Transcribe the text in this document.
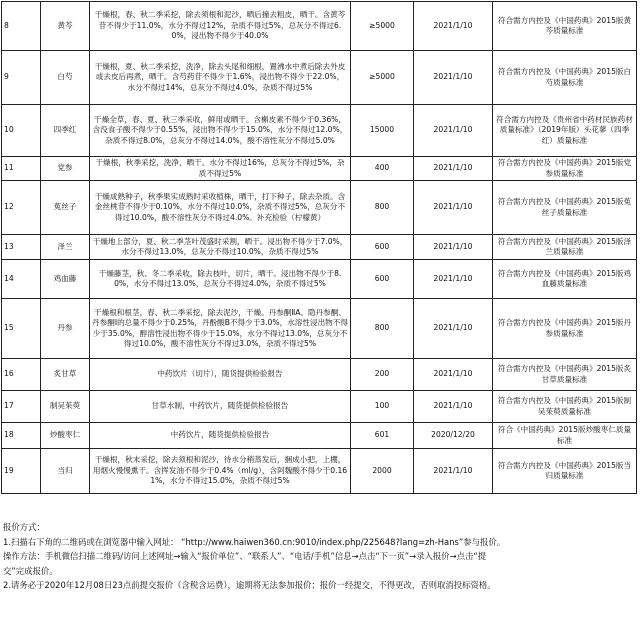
8	黄芩	干燥根，春、秋二季采挖，除去须根和泥沙，晒后撞去粗皮，晒干。含黄芩苷不得少于11.0%，水分不得过12%，杂质不得过5%，总灰分不得过6.0%，浸出物不得少于40.0%	≥5000	2021/1/10	符合需方内控及《中国药典》2015版黄芩质量标准
9	白芍	干燥根，夏、秋二季采挖，洗净，除去头尾和细根，置沸水中煮后除去外皮或去皮后再煮，晒干。含芍药苷不得少于1.6%，浸出物不得少于22.0%，水分不得过14%，总灰分不得过4.0%，杂质不得过5%	≥5000	2021/1/10	符合需方内控及《中国药典》2015版白芍质量标准
10	四季红	干燥全草，春、夏、秋三季采收，鲜用或晒干。含槲皮素不得少于0.36%，含没食子酸不得少于0.55%，浸出物不得少于15.0%，水分不得过12.0%，杂质不得过8.0%，总灰分不得过14.0%，酸不溶性灰分不得过5.0%	15000	2021/1/10	符合需方内控及《贵州省中药材民族药材质量标准》（2019年版）头花蓼（四季红）质量标准
11	党参	干燥根，秋季采挖，洗净，晒干。水分不得过16%，总灰分不得过5%，杂质不得过5%	400	2021/1/10	符合需方内控及《中国药典》2015版党参质量标准
12	菟丝子	干燥成熟种子，秋季果实成熟时采收植株，晒干，打下种子，除去杂质。含金丝桃苷不得少于0.10%，水分不得过10.0%，杂质不得过5%，总灰分不得过10.0%，酸不溶性灰分不得过4.0%。补充检验（柠檬黄）	800	2021/1/10	符合需方内控及《中国药典》2015版菟丝子质量标准
13	泽兰	干燥地上部分，夏、秋二季茎叶茂盛时采割，晒干。浸出物不得少于7.0%，水分不得过13.0%，总灰分不得过10.0%，杂质不得过5%	600	2021/1/10	符合需方内控及《中国药典》2015版泽兰质量标准
14	鸡血藤	干燥藤茎，秋、冬二季采收，除去枝叶，切片，晒干。浸出物不得少于8.0%，水分不得过13.0%，总灰分不得过4.0%，杂质不得过5%	600	2021/1/10	符合需方内控及《中国药典》2015版鸡血藤质量标准
15	丹参	干燥根和根茎，春、秋二季采挖，除去泥沙，干燥。丹参酮ⅡA、隐丹参酮、丹参酮Ⅰ的总量不得少于0.25%，丹酚酸B不得少于3.0%，水溶性浸出物不得少于35.0%，醇溶性浸出物不得少于15.0%，水分不得过13.0%，总灰分不得过10.0%，酸不溶性灰分不得过3.0%，杂质不得过5%	800	2021/1/10	符合需方内控及《中国药典》2015版丹参质量标准
16	炙甘草	中药饮片（切片），随货提供检验报告	200	2021/1/10	符合需方内控及《中国药典》2015版炙甘草质量标准
17	制吴茱萸	甘草水制，中药饮片，随货提供检验报告	100	2021/1/10	符合需方内控及《中国药典》2015版制吴茱萸质量标准
18	炒酸枣仁	中药饮片，随货提供检验报告	601	2020/12/20	符合《中国药典》2015版炒酸枣仁质量标准
19	当归	干燥根，秋末采挖，除去须根和泥沙，待水分稍蒸发后，捆成小把，上棚，用烟火慢慢熏干。含挥发油不得少于0.4%（ml/g），含阿魏酸不得少于0.161%，水分不得过15.0%，杂质不得过5%	2000	2021/1/10	符合需方内控及《中国药典》2015版当归质量标准
报价方式：
1.扫描右下角的二维码或在浏览器中输入网址： “http://www.haiwen360.cn:9010/index.php/225648?lang=zh-Hans”参与报价。
操作方法：手机微信扫描二维码/访问上述网址→输入“报价单位”、“联系人”、“电话/手机”信息→点击“下一页”→录入报价→点击“提
交”完成报价。
2.请务必于2020年12月08日23点前提交报价（含税含运费），逾期将无法参加报价；报价一经提交，不得更改，否则取消投标资格。
